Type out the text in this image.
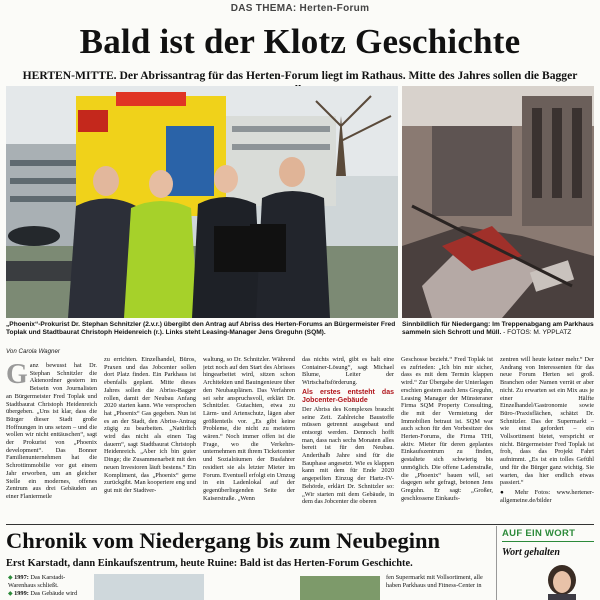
DAS THEMA: Herten-Forum
Bald ist der Klotz Geschichte
HERTEN-MITTE. Der Abrissantrag für das Herten-Forum liegt im Rathaus. Mitte des Jahres sollen die Bagger
„Phoenix“-Prokurist Dr. Stephan Schnitzler (2.v.r.) übergibt den Antrag auf Abriss des Herten-Forums an Bürgermeister Fred Toplak und Stadtbaurat Christoph Heidenreich (r.). Links steht Leasing-Manager Jens Greguhn (SQM).
Sinnbildlich für Niedergang: Im Treppenabgang am Parkhaus sammeln sich Schrott und Müll. - FOTOS: M. YPPLATZ
Von Carola Wagner
Ganz bewusst hat Dr. Stephan Schnitzler die Aktenordner gestern im Beisein von Journalisten an Bürgermeister Fred Toplak und Stadtbaurat Christoph Heidenreich übergeben. „Uns ist klar, dass die Bürger dieser Stadt große Hoffnungen in uns setzen – und die wollen wir nicht enttäuschen“, sagt der Prokurist von „Phoenix development“. Das Bonner Familienunternehmen hat die Schrottimmobilie vor gut einem Jahr erworben, um an gleicher Stelle ein modernes, offenes Zentrum aus drei Gebäuden an einer Flaniermeile

zu errichten. Einzelhandel, Büros, Praxen und das Jobcenter sollen dort Platz finden. Ein Parkhaus ist ebenfalls geplant. Mitte dieses Jahres sollen die Abriss-Bagger rollen, damit der Neubau Anfang 2020 starten kann. Wie versprochen hat „Phoenix“ Gas gegeben. Nun ist es an der Stadt, den Abriss-Antrag zügig zu bearbeiten. „Natürlich wird das nicht als einen Tag dauern“, sagt Stadtbaurat Christoph Heidenreich. „Aber ich bin guter Dinge; die Zusammenarbeit mit den neuen Investoren läuft bestens.“ Ein Kompliment, das „Phoenix“ gerne zurückgibt. Man kooperiere eng und gut mit der Stadtver-

waltung, so Dr. Schnitzler. Während jetzt noch auf den Start des Abrisses hingearbeitet wird, sitzen schon Architekten und Bauingenieure über den Neubauplänen. Das Verfahren sei sehr anspruchsvoll, erklärt Dr. Schnitzler. Gutachten, etwa zu Lärm- und Artenschutz, lägen aber größtenteils vor. „Es gibt keine Probleme, die nicht zu meistern wären.“ Noch immer offen ist die Frage, wo die Verkehrs-unternehmen mit ihrem Ticketcenter und Sozialräumen der Busfahrer residiert sie als letzter Mieter im Forum. Eventuell erfolgt ein Umzug in ein Ladenlokal auf der gegenüberliegenden Seite der Kaiserstraße. „Wenn

das nichts wird, gibt es halt eine Container-Lösung“, sagt Michael Blume, Leiter der Wirtschaftsförderung.

Als erstes entsteht das Jobcenter-Gebäude

Der Abriss des Komplexes braucht seine Zeit. Zahlreiche Baustoffe müssen getrennt ausgebaut und entsorgt werden. Dennoch hofft man, dass nach sechs Monaten alles bereit ist für den Neubau. Anderthalb Jahre sind für die Bauphase angesetzt. Wie es klappen kann mit dem für Ende 2020 angepeilten Einzug der Hartz-IV-Behörde, erklärt Dr. Schnitzler so: „Wir starten mit dem Gebäude, in dem das Jobcenter die oberen

Geschosse bezieht.“ Fred Toplak ist es zufrieden: „Ich bin mir sicher, dass es mit dem Termin klappen wird.“ Zur Übergabe der Unterlagen erschien gestern auch Jens Greguhn, Leasing Manager der Münsteraner Firma SQM Property Consulting, die mit der Vermietung der Immobilien betraut ist. SQM war auch schon für den Vorbesitzer des Herten-Forums, die Firma THI, aktiv. Mieter für deren geplantes Einkaufszentrum zu finden, gestaltete sich schwierig bis unmöglich. Die offene Ladenstraße, die „Phoenix“ bauen will, sei dagegen sehr gefragt, betonen Jens Greguhn. Er sagt: „Großer, geschlossene Einkaufs-

zentren will heute keiner mehr.“ Der Andrang von Interessenten für das neue Forum Herten sei groß. Branchen oder Namen verrät er aber nicht. Zu erwarten sei ein Mix aus je einer Hälfte Einzelhandel/Gastronomie sowie Büro-/Praxisflächen, schätzt Dr. Schnitzler. Das der Supermarkt – wie einst gefordert – ein Vollsortiment bietet, verspricht er nicht. Bürgermeister Fred Toplak ist froh, dass das Projekt Fahrt aufnimmt. „Es ist ein tolles Gefühl und für die Bürger ganz wichtig. Sie warten, das hier endlich etwas passiert.“

● Mehr Fotos: www.hertener-allgemeine.de/bilder

Chronik vom Niedergang bis zum Neubeginn
Erst Karstadt, dann Einkaufszentrum, heute Ruine: Bald ist das Herten-Forum Geschichte.
◆ 1997: Das Karstadt-Warenhaus schließt.
◆ 1999: Das Gebäude wird
fen Supermarkt mit Vollsortiment, alle haben Parkhaus und Fitness-Center in
AUF EIN WORT
Wort gehalten
